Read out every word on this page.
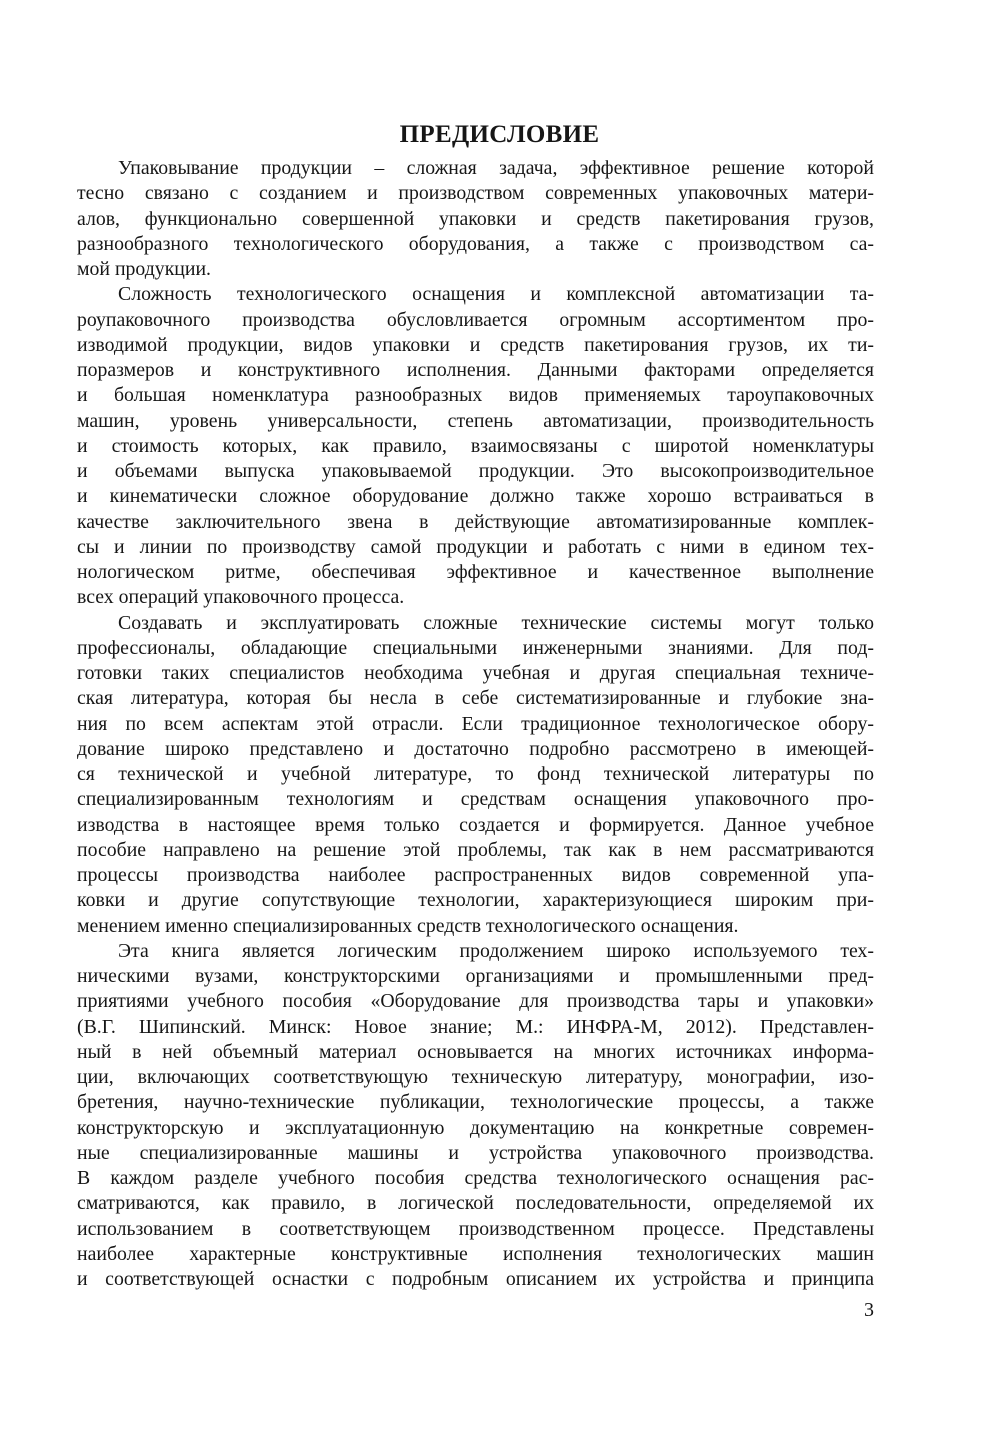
ПРЕДИСЛОВИЕ
Упаковывание продукции – сложная задача, эффективное решение которой
тесно связано с созданием и производством современных упаковочных матери-
алов, функционально совершенной упаковки и средств пакетирования грузов,
разнообразного технологического оборудования, а также с производством са-
мой продукции.
Сложность технологического оснащения и комплексной автоматизации та-
роупаковочного производства обусловливается огромным ассортиментом про-
изводимой продукции, видов упаковки и средств пакетирования грузов, их ти-
поразмеров и конструктивного исполнения. Данными факторами определяется
и большая номенклатура разнообразных видов применяемых тароупаковочных
машин, уровень универсальности, степень автоматизации, производительность
и стоимость которых, как правило, взаимосвязаны с широтой номенклатуры
и объемами выпуска упаковываемой продукции. Это высокопроизводительное
и кинематически сложное оборудование должно также хорошо встраиваться в
качестве заключительного звена в действующие автоматизированные комплек-
сы и линии по производству самой продукции и работать с ними в едином тех-
нологическом ритме, обеспечивая эффективное и качественное выполнение
всех операций упаковочного процесса.
Создавать и эксплуатировать сложные технические системы могут только
профессионалы, обладающие специальными инженерными знаниями. Для под-
готовки таких специалистов необходима учебная и другая специальная техниче-
ская литература, которая бы несла в себе систематизированные и глубокие зна-
ния по всем аспектам этой отрасли. Если традиционное технологическое обору-
дование широко представлено и достаточно подробно рассмотрено в имеющей-
ся технической и учебной литературе, то фонд технической литературы по
специализированным технологиям и средствам оснащения упаковочного про-
изводства в настоящее время только создается и формируется. Данное учебное
пособие направлено на решение этой проблемы, так как в нем рассматриваются
процессы производства наиболее распространенных видов современной упа-
ковки и другие сопутствующие технологии, характеризующиеся широким при-
менением именно специализированных средств технологического оснащения.
Эта книга является логическим продолжением широко используемого тех-
ническими вузами, конструкторскими организациями и промышленными пред-
приятиями учебного пособия «Оборудование для производства тары и упаковки»
(В.Г. Шипинский. Минск: Новое знание; М.: ИНФРА-М, 2012). Представлен-
ный в ней объемный материал основывается на многих источниках информа-
ции, включающих соответствующую техническую литературу, монографии, изо-
бретения, научно-технические публикации, технологические процессы, а также
конструкторскую и эксплуатационную документацию на конкретные современ-
ные специализированные машины и устройства упаковочного производства.
В каждом разделе учебного пособия средства технологического оснащения рас-
сматриваются, как правило, в логической последовательности, определяемой их
использованием в соответствующем производственном процессе. Представлены
наиболее характерные конструктивные исполнения технологических машин
и соответствующей оснастки с подробным описанием их устройства и принципа
3
